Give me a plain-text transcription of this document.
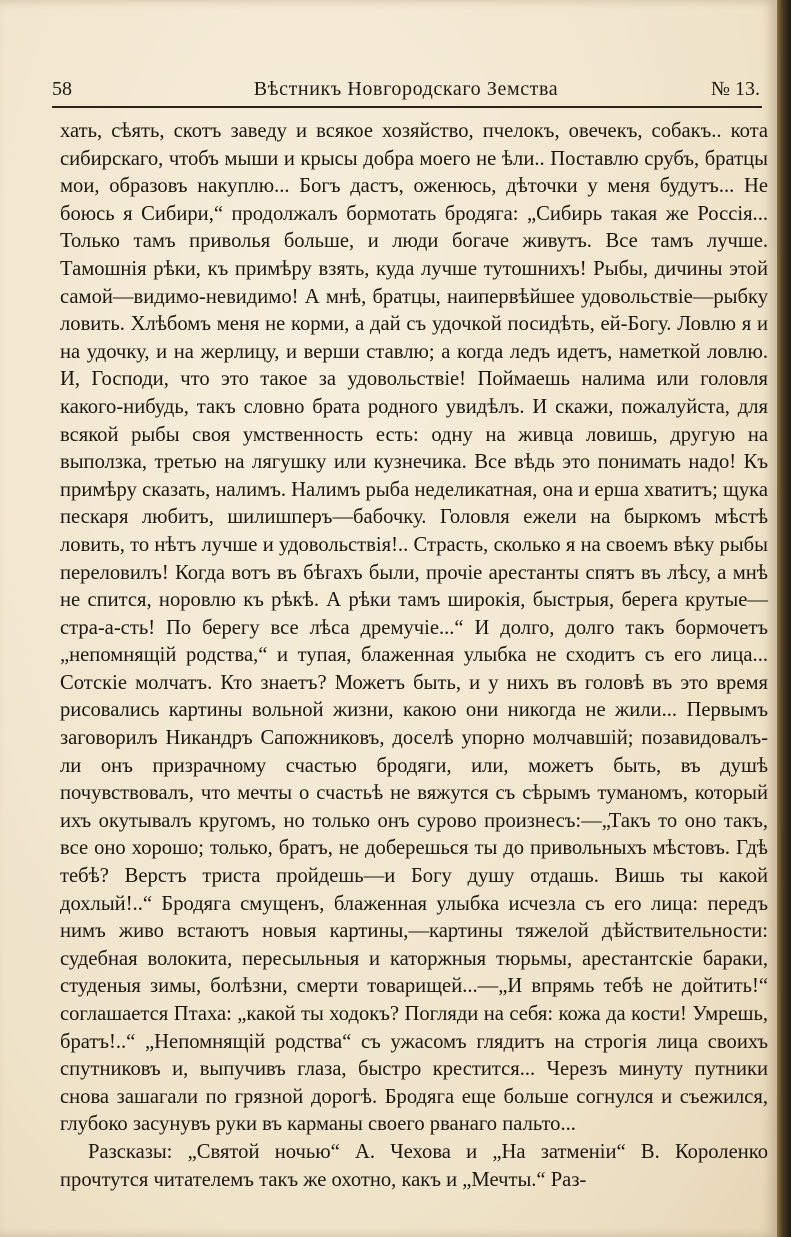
58	Вѣстникъ Новгородскаго Земства	№ 13.

хать, сѣять, скотъ заведу и всякое хозяйство, пчелокъ, овечекъ, собакъ.. кота сибирскаго, чтобъ мыши и крысы добра моего не ѣли.. Поставлю срубъ, братцы мои, образовъ накуплю... Богъ дастъ, оженюсь, дѣточки у меня будутъ... Не боюсь я Сибири,“ продолжалъ бормотать бродяга: „Сибирь такая же Россія... Только тамъ приволья больше, и люди богаче живутъ. Все тамъ лучше. Тамошнія рѣки, къ примѣру взять, куда лучше тутошнихъ! Рыбы, дичины этой самой—видимо-невидимо! А мнѣ, братцы, наипервѣйшее удовольствіе—рыбку ловить. Хлѣбомъ меня не корми, а дай съ удочкой посидѣть, ей-Богу. Ловлю я и на удочку, и на жерлицу, и верши ставлю; а когда ледъ идетъ, наметкой ловлю. И, Господи, что это такое за удовольствіе! Поймаешь налима или головля какого-нибудь, такъ словно брата родного увидѣлъ. И скажи, пожалуйста, для всякой рыбы своя умственность есть: одну на живца ловишь, другую на выползка, третью на лягушку или кузнечика. Все вѣдь это понимать надо! Къ примѣру сказать, налимъ. Налимъ рыба неделикатная, она и ерша хватитъ; щука пескаря любитъ, шилишперъ—бабочку. Головля ежели на быркомъ мѣстѣ ловить, то нѣтъ лучше и удовольствія!.. Страсть, сколько я на своемъ вѣку рыбы переловилъ! Когда вотъ въ бѣгахъ были, прочіе арестанты спятъ въ лѣсу, а мнѣ не спится, норовлю къ рѣкѣ. А рѣки тамъ широкія, быстрыя, берега крутые—стра-а-сть! По берегу все лѣса дремучіе...“ И долго, долго такъ бормочетъ „непомнящій родства,“ и тупая, блаженная улыбка не сходитъ съ его лица... Сотскіе молчатъ. Кто знаетъ? Можетъ быть, и у нихъ въ головѣ въ это время рисовались картины вольной жизни, какою они никогда не жили... Первымъ заговорилъ Никандръ Сапожниковъ, доселѣ упорно молчавшій; позавидовалъ-ли онъ призрачному счастью бродяги, или, можетъ быть, въ душѣ почувствовалъ, что мечты о счастьѣ не вяжутся съ сѣрымъ туманомъ, который ихъ окутывалъ кругомъ, но только онъ сурово произнесъ:—„Такъ то оно такъ, все оно хорошо; только, братъ, не доберешься ты до привольныхъ мѣстовъ. Гдѣ тебѣ? Верстъ триста пройдешь—и Богу душу отдашь. Вишь ты какой дохлый!..“ Бродяга смущенъ, блаженная улыбка исчезла съ его лица: передъ нимъ живо встаютъ новыя картины,—картины тяжелой дѣйствительности: судебная волокита, пересыльныя и каторжныя тюрьмы, арестантскіе бараки, студеныя зимы, болѣзни, смерти товарищей...—„И впрямь тебѣ не дойтить!“ соглашается Птаха: „какой ты ходокъ? Погляди на себя: кожа да кости! Умрешь, братъ!..“ „Непомнящій родства“ съ ужасомъ глядитъ на строгія лица своихъ спутниковъ и, выпучивъ глаза, быстро крестится... Черезъ минуту путники снова зашагали по грязной дорогѣ. Бродяга еще больше согнулся и съежился, глубоко засунувъ руки въ карманы своего рванаго пальто...

Разсказы: „Святой ночью“ А. Чехова и „На затменіи“ В. Короленко прочтутся читателемъ такъ же охотно, какъ и „Мечты.“ Раз-
